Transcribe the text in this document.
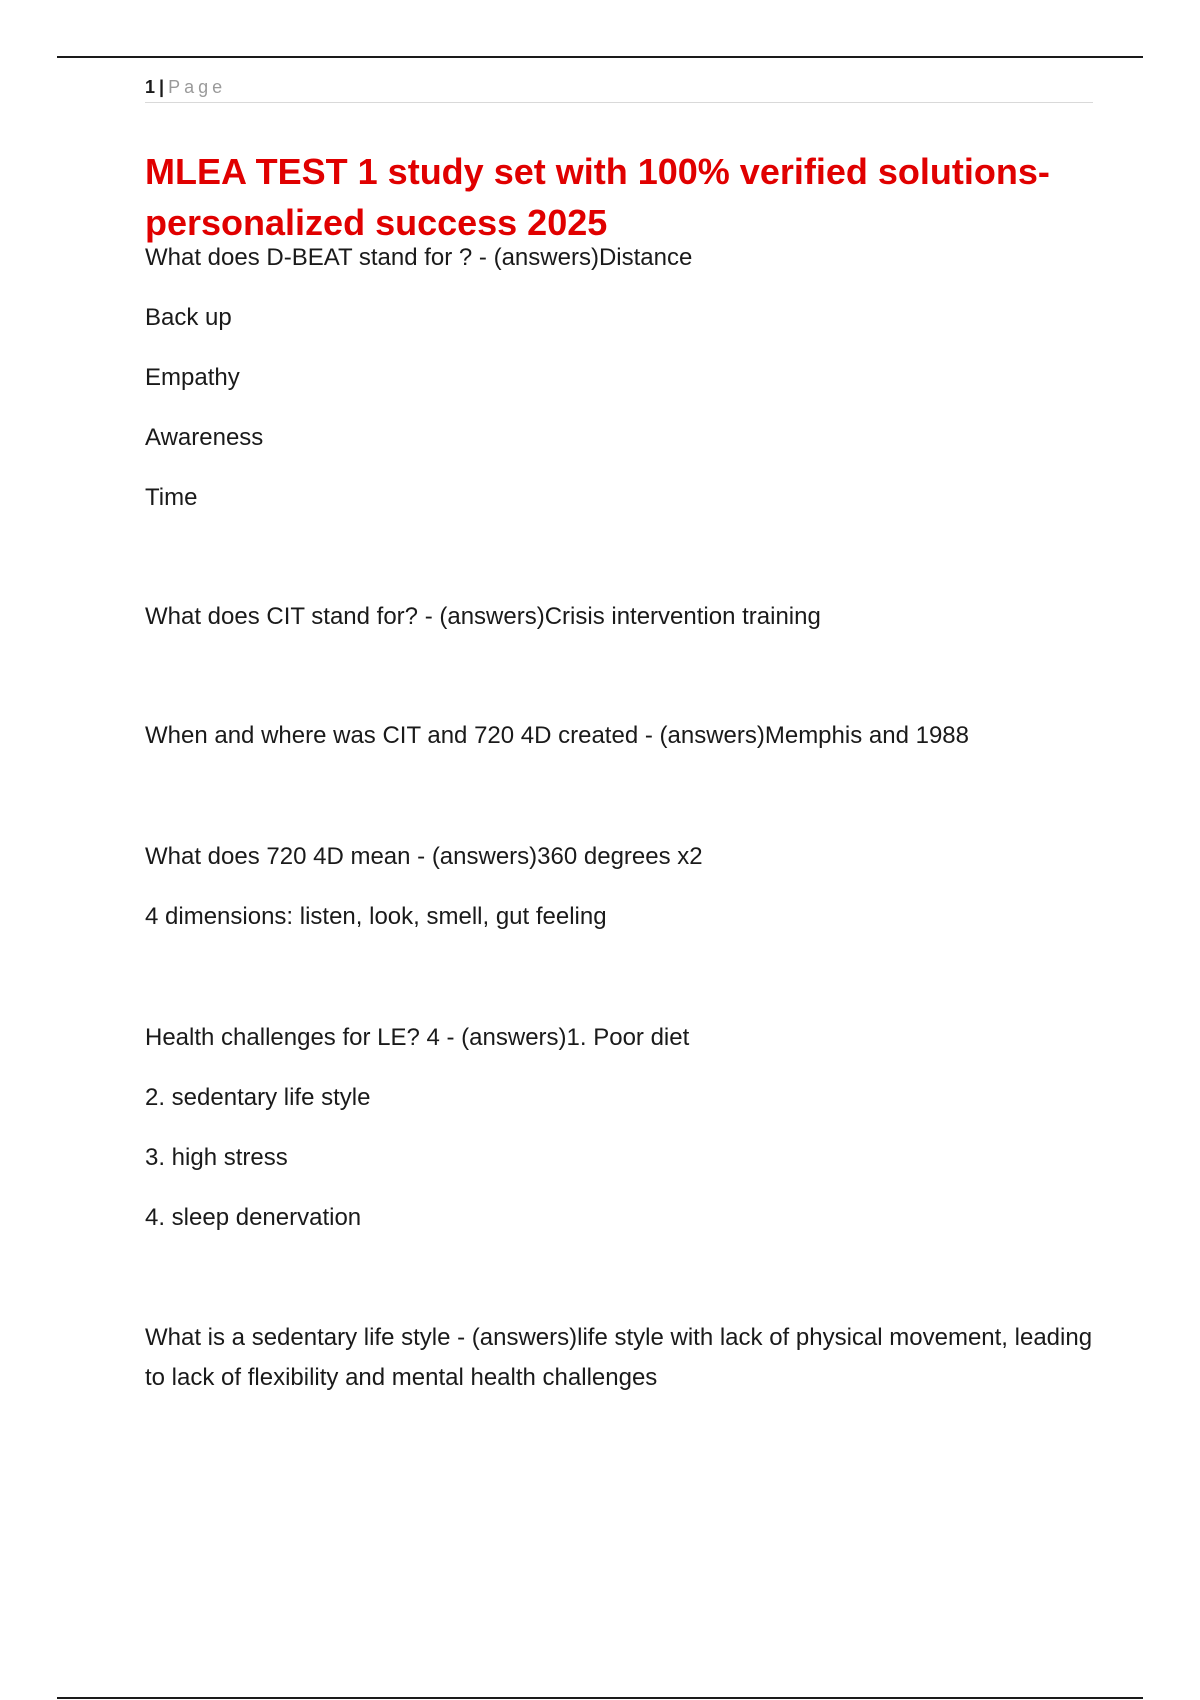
1 | Page
MLEA TEST 1 study set with 100% verified solutions-personalized success 2025

What does D-BEAT stand for ? - (answers)Distance

Back up

Empathy

Awareness

Time

What does CIT stand for? - (answers)Crisis intervention training

When and where was CIT and 720 4D created - (answers)Memphis and 1988

What does 720 4D mean - (answers)360 degrees x2

4 dimensions: listen, look, smell, gut feeling

Health challenges for LE? 4 - (answers)1. Poor diet

2. sedentary life style

3. high stress

4. sleep denervation

What is a sedentary life style - (answers)life style with lack of physical movement, leading to lack of flexibility and mental health challenges
